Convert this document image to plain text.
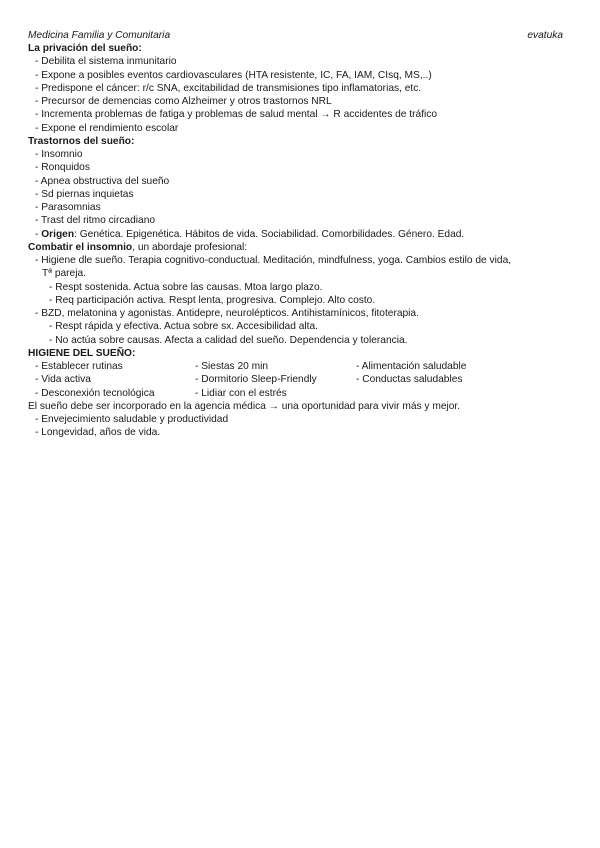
Medicina Familia y Comunitaria	evatuka
La privación del sueño:
- Debilita el sistema inmunitario
- Expone a posibles eventos cardiovasculares (HTA resistente, IC, FA, IAM, CIsq, MS,..)
- Predispone el cáncer: r/c SNA, excitabilidad de transmisiones tipo inflamatorias, etc.
- Precursor de demencias como Alzheimer y otros trastornos NRL
- Incrementa problemas de fatiga y problemas de salud mental → R accidentes de tráfico
- Expone el rendimiento escolar
Trastornos del sueño:
- Insomnio
- Ronquidos
- Apnea obstructiva del sueño
- Sd piernas inquietas
- Parasomnias
- Trast del ritmo circadiano
- Origen: Genética. Epigenética. Hábitos de vida. Sociabilidad. Comorbilidades. Género. Edad.
Combatir el insomnio, un abordaje profesional:
- Higiene dle sueño. Terapia cognitivo-conductual. Meditación, mindfulness, yoga. Cambios estilo de vida,
Tª pareja.
- Respt sostenida. Actua sobre las causas. Mtoa largo plazo.
- Req participación activa. Respt lenta, progresiva. Complejo. Alto costo.
- BZD, melatonina y agonistas. Antidepre, neurolépticos. Antihistamínicos, fitoterapia.
- Respt rápida y efectiva. Actua sobre sx. Accesibilidad alta.
- No actúa sobre causas. Afecta a calidad del sueño. Dependencia y tolerancia.
HIGIENE DEL SUEÑO:
- Establecer rutinas	- Siestas 20 min	- Alimentación saludable
- Vida activa	- Dormitorio Sleep-Friendly	- Conductas saludables
- Desconexión tecnológica	- Lidiar con el estrés
El sueño debe ser incorporado en la agencia médica → una oportunidad para vivir más y mejor.
- Envejecimiento saludable y productividad
- Longevidad, años de vida.
